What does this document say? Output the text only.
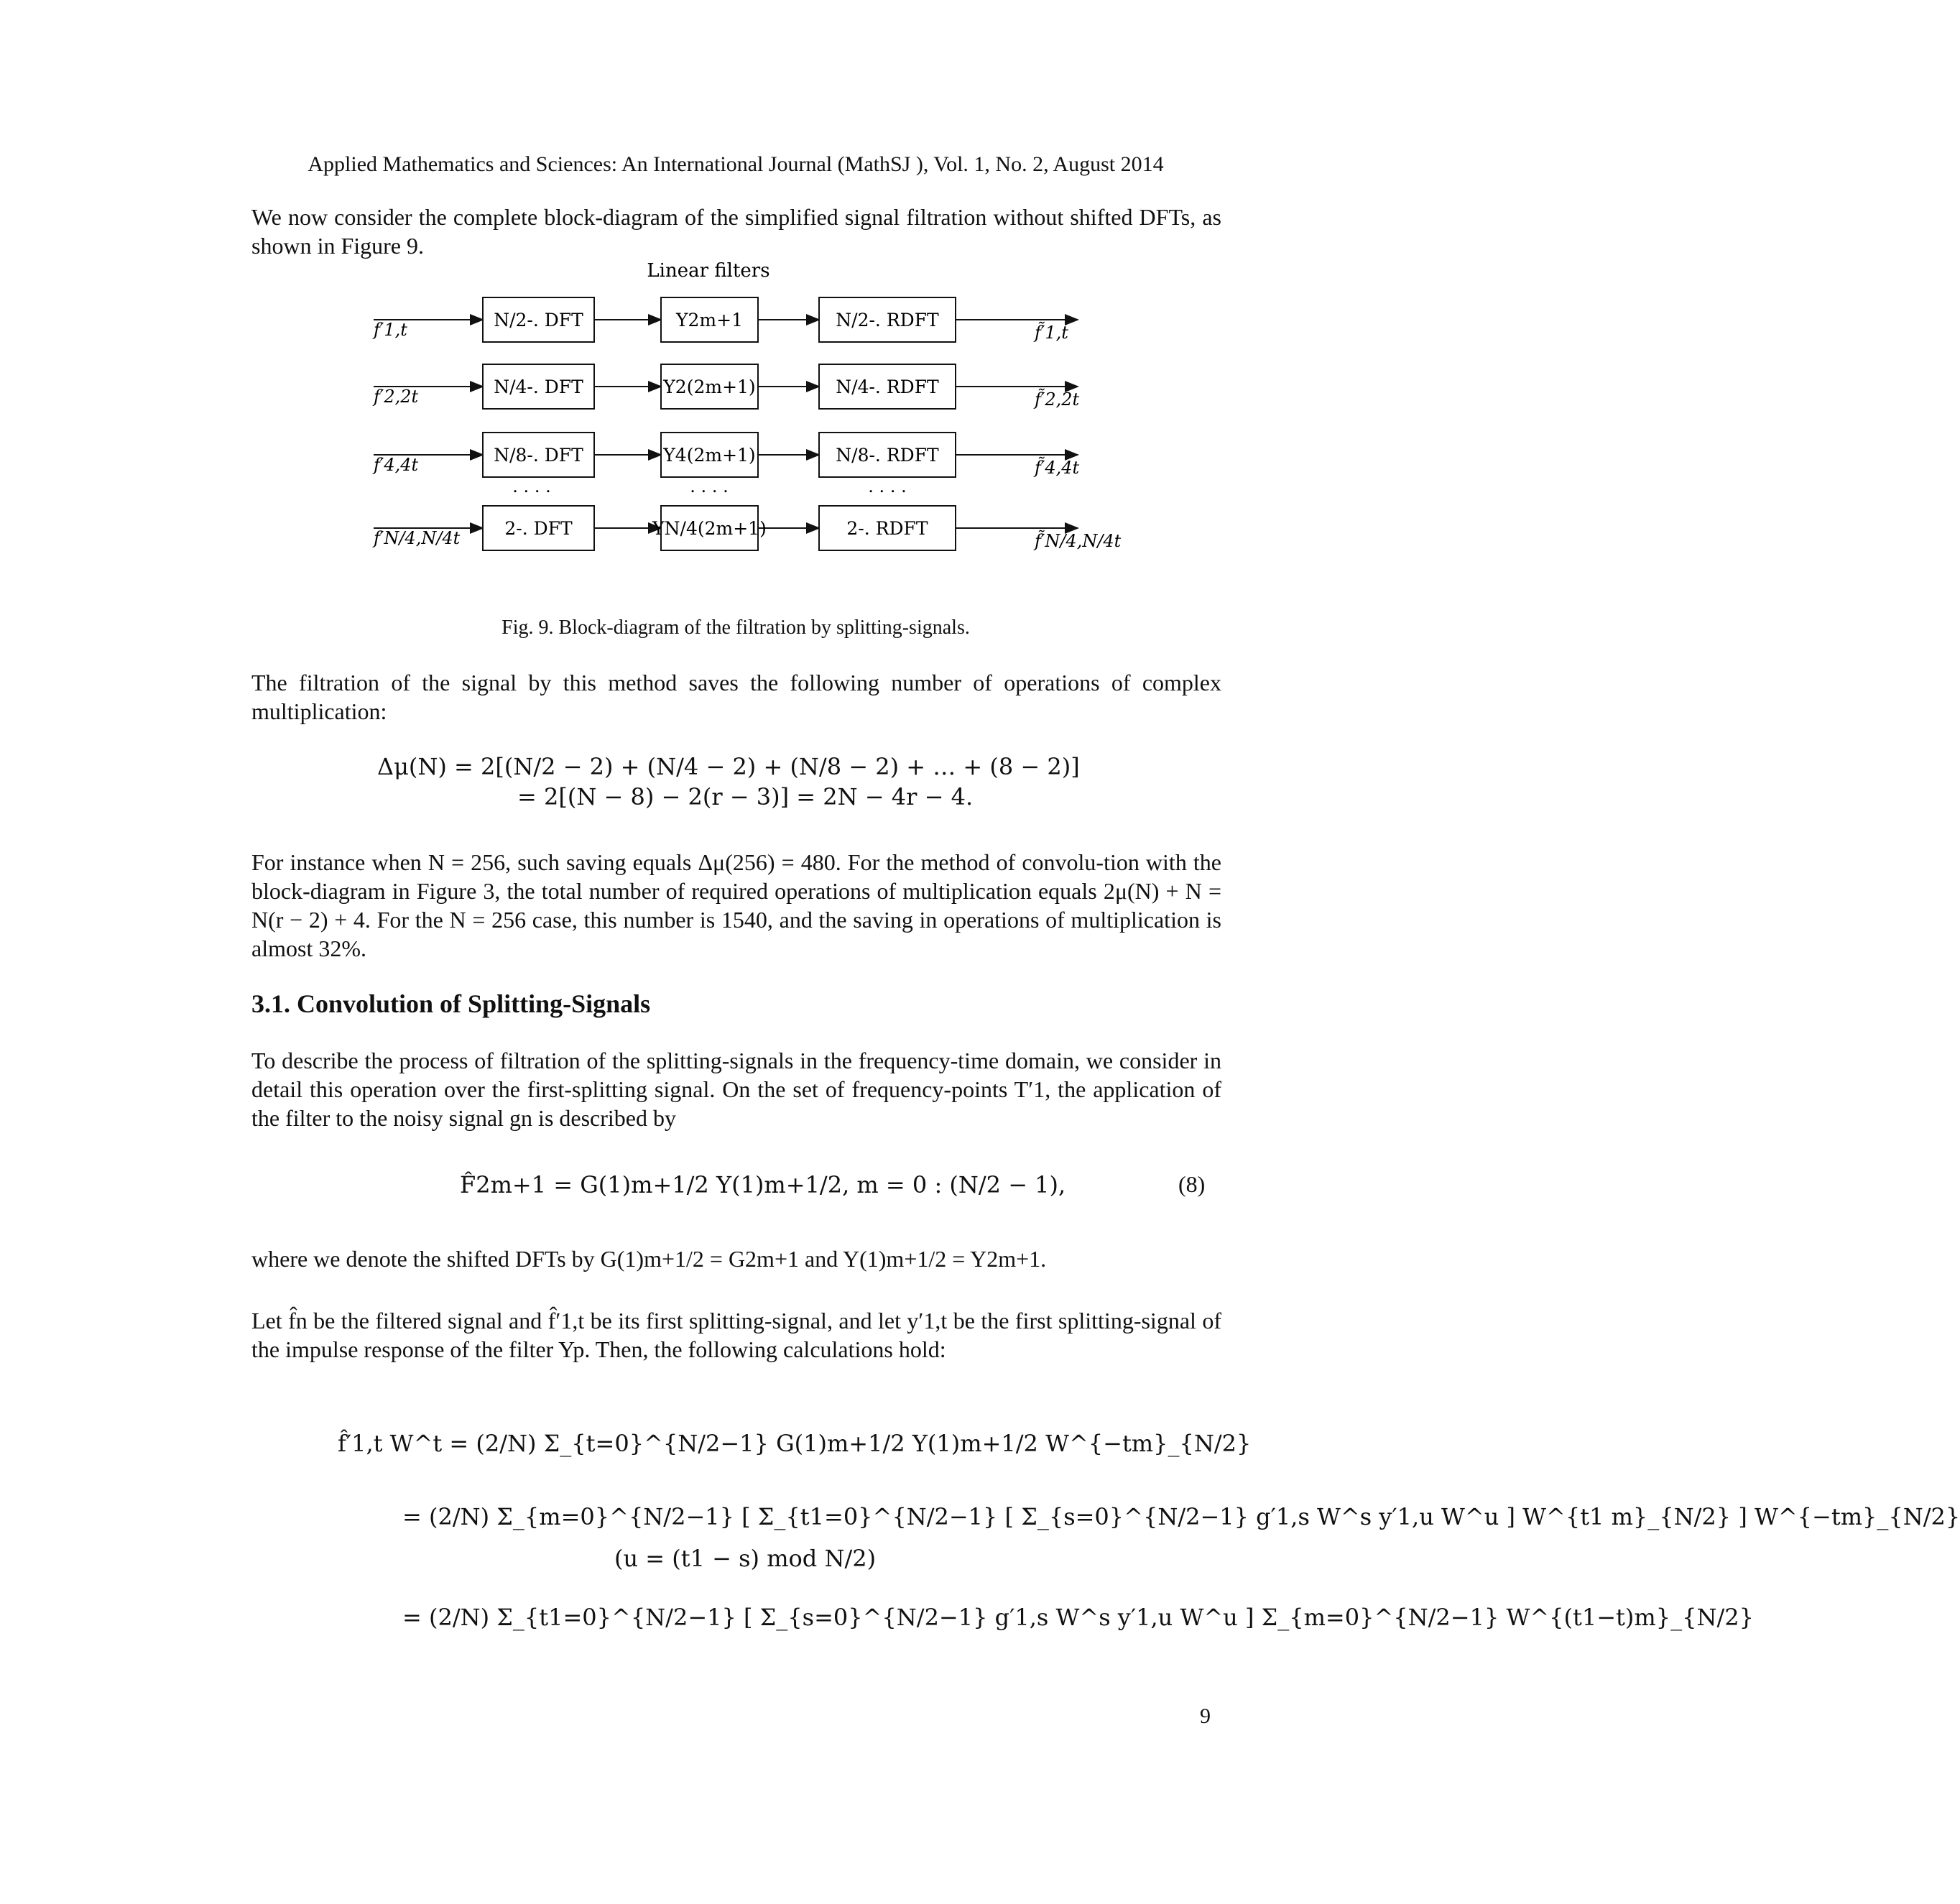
Applied Mathematics and Sciences: An International Journal (MathSJ ), Vol. 1, No. 2, August 2014
We now consider the complete block-diagram of the simplified signal filtration without shifted DFTs, as shown in Figure 9.
Linear filters
f′1,t	N/2-. DFT	Y2m+1	N/2-. RDFT
f̃′1,t
f′2,2t	N/4-. DFT	Y2(2m+1)	N/4-. RDFT
f̃′2,2t
f′4,4t	N/8-. DFT	Y4(2m+1)	N/8-. RDFT
f̃′4,4t
f′N/4,N/4t 2-. DFT	YN/4(2m+1)	2-. RDFT
f̃′N/4,N/4t
. . . .	. . . .	. . . .
Fig. 9. Block-diagram of the filtration by splitting-signals.
The filtration of the signal by this method saves the following number of operations of complex multiplication:
Δμ(N) = 2[(N/2 − 2) + (N/4 − 2) + (N/8 − 2) + … + (8 − 2)]
= 2[(N − 8) − 2(r − 3)] = 2N − 4r − 4.
For instance when N = 256, such saving equals Δμ(256) = 480. For the method of convolu-tion with the block-diagram in Figure 3, the total number of required operations of multiplication equals 2μ(N) + N = N(r − 2) + 4. For the N = 256 case, this number is 1540, and the saving in operations of multiplication is almost 32%.
3.1. Convolution of Splitting-Signals
To describe the process of filtration of the splitting-signals in the frequency-time domain, we consider in detail this operation over the first-splitting signal. On the set of frequency-points T′1, the application of the filter to the noisy signal gn is described by
F̂2m+1 = G(1)m+1/2 Y(1)m+1/2, m = 0 : (N/2 − 1),	(8)
where we denote the shifted DFTs by G(1)m+1/2 = G2m+1 and Y(1)m+1/2 = Y2m+1.
Let f̂n be the filtered signal and f̂′1,t be its first splitting-signal, and let y′1,t be the first splitting-signal of the impulse response of the filter Yp. Then, the following calculations hold:
f̂′1,t W^t = (2/N) Σ_{t=0}^{N/2−1} G(1)m+1/2 Y(1)m+1/2 W^{−tm}_{N/2}
= (2/N) Σ_{m=0}^{N/2−1} [ Σ_{t1=0}^{N/2−1} [ Σ_{s=0}^{N/2−1} g′1,s W^s y′1,u W^u ] W^{t1 m}_{N/2} ] W^{−tm}_{N/2}
(u = (t1 − s) mod N/2)
= (2/N) Σ_{t1=0}^{N/2−1} [ Σ_{s=0}^{N/2−1} g′1,s W^s y′1,u W^u ] Σ_{m=0}^{N/2−1} W^{(t1−t)m}_{N/2}
9
